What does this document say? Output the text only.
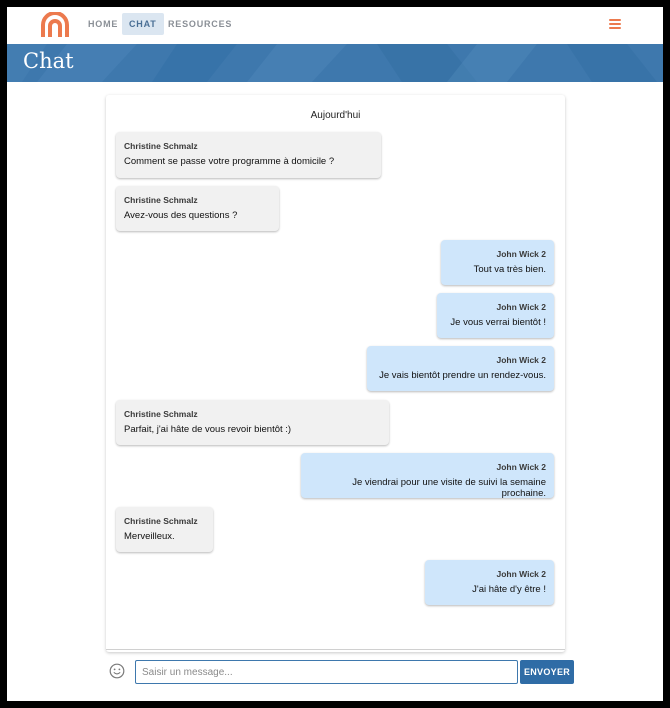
HOME	CHAT	RESOURCES
Chat
Aujourd'hui
Christine Schmalz
Comment se passe votre programme à domicile ?
Christine Schmalz
Avez-vous des questions ?
John Wick 2
Tout va très bien.
John Wick 2
Je vous verrai bientôt !
John Wick 2
Je vais bientôt prendre un rendez-vous.
Christine Schmalz
Parfait, j'ai hâte de vous revoir bientôt :)
John Wick 2
Je viendrai pour une visite de suivi la semaine prochaine.
Christine Schmalz
Merveilleux.
John Wick 2
J'ai hâte d'y être !
Saisir un message...
ENVOYER
